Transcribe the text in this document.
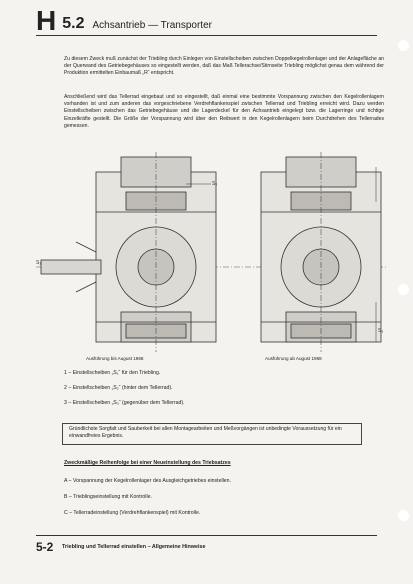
H 5.2 Achsantrieb — Transporter
Zu diesem Zweck muß zunächst der Triebling durch Einlegen von Einstellscheiben zwischen Doppelkegelrollenlager und der Anlagefläche an der Querwand des Getriebegehäuses so eingestellt werden, daß das Maß Tellerachse/Stirnseite Triebling möglichst genau dem während der Produktion ermittelten Einbaumaß „R“ entspricht.
Anschließend wird das Tellerrad eingebaut und so eingestellt, daß einmal eine bestimmte Vorspannung zwischen den Kegelrollenlagern vorhanden ist und zum anderen das vorgeschriebene Verdrehflankenspiel zwischen Tellerrad und Triebling erreicht wird. Dazu werden Einstellscheiben zwischen das Getriebegehäuse und die Lagerdeckel für den Achsantrieb eingelegt bzw. die Lagerringe und richtige Einzelkräfte gestellt. Die Größe der Vorspannung wird über den Reibwert in den Kegelrollenlagern beim Durchdrehen des Tellerrades gemessen.
S₁
S₂
S₃
Ausführung bis August 1968	Ausführung ab August 1968
1 – Einstellscheiben „S₁“ für den Triebling.
2 – Einstellscheiben „S₂“ (hinter dem Tellerrad).
3 – Einstellscheiben „S₃“ (gegenüber dem Tellerrad).
Gründlichste Sorgfalt und Sauberkeit bei allen Montagearbeiten und Meßvorgängen ist unbedingte Voraussetzung für ein einwandfreies Ergebnis.
Zweckmäßige Reihenfolge bei einer Neueinstellung des Triebsatzes
A – Vorspannung der Kegelrollenlager des Ausgleichgetriebes einstellen.
B – Trieblingseinstellung mit Kontrolle.
C – Tellerradeinstellung (Verdrehflankenspiel) mit Kontrolle.
5-2 Triebling und Tellerrad einstellen – Allgemeine Hinweise
